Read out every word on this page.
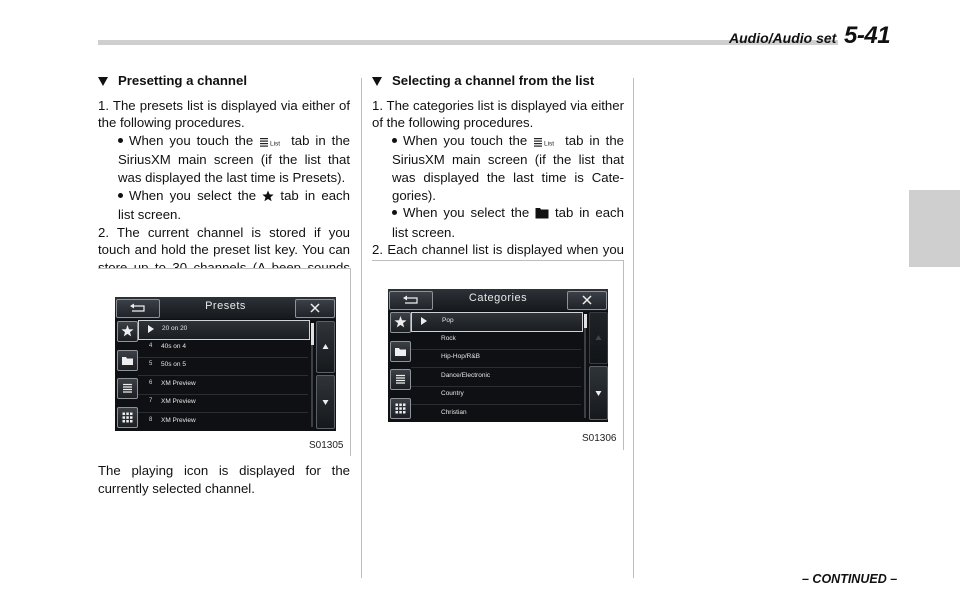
Audio/Audio set 5-41

Presetting a channel

1. The presets list is displayed via either of the following procedures.

When you touch the	List tab in the SiriusXM main screen (if the list that was displayed the last time is Presets).

When you select the tab in each list screen.

2. The current channel is stored if you touch and hold the preset list key. You can

Presets
20 on 20
4 40s on 4
5 50s on 5
6 XM Preview
7 XM Preview
8 XM Preview
S01305

The playing icon is displayed for the currently selected channel.

Selecting a channel from the list

1. The categories list is displayed via either of the following procedures.

When you touch the	List tab in the SiriusXM main screen (if the list that was displayed the last time is Cate- gories).

When you select the tab in each list screen.

2. Each channel list is displayed when you

Categories
Pop
Rock
Hip-Hop/R&B
Dance/Electronic
Country
Christian
S01306
– CONTINUED –
